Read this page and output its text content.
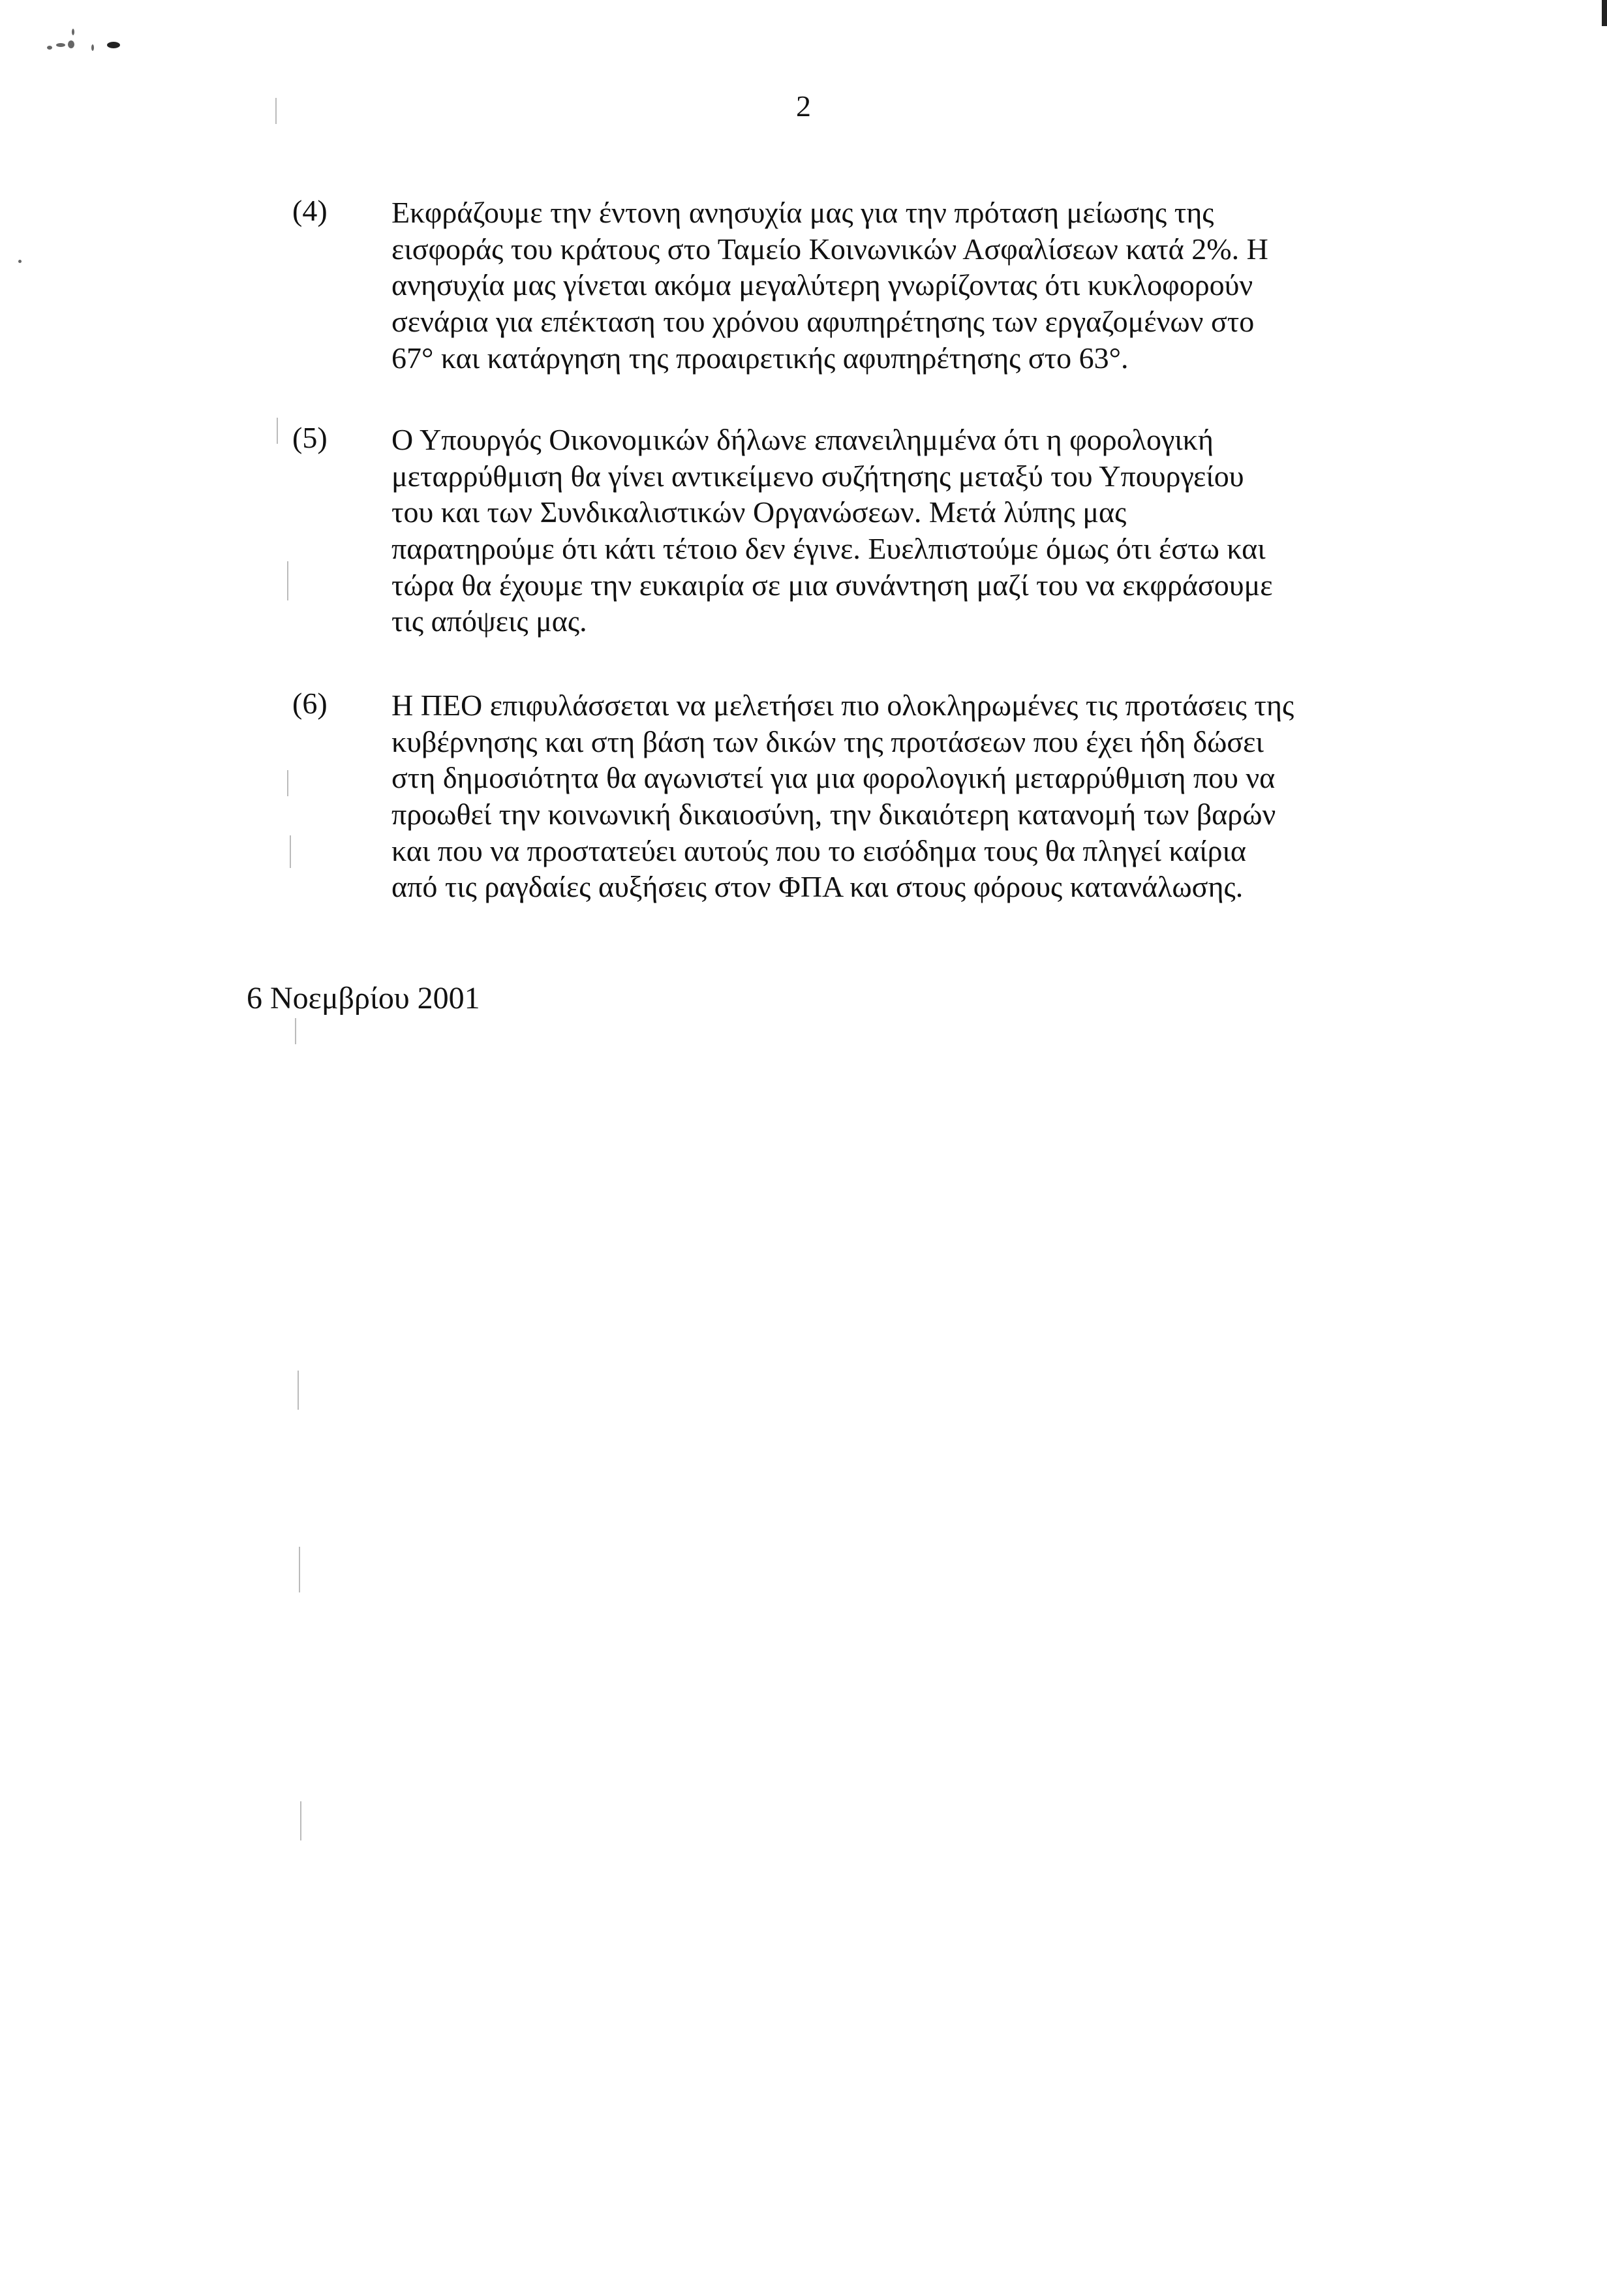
2
(4) Εκφράζουμε την έντονη ανησυχία μας για την πρόταση μείωσης της
εισφοράς του κράτους στο Ταμείο Κοινωνικών Ασφαλίσεων κατά 2%. Η
ανησυχία μας γίνεται ακόμα μεγαλύτερη γνωρίζοντας ότι κυκλοφορούν
σενάρια για επέκταση του χρόνου αφυπηρέτησης των εργαζομένων στο
67° και κατάργηση της προαιρετικής αφυπηρέτησης στο 63°.
(5) Ο Υπουργός Οικονομικών δήλωνε επανειλημμένα ότι η φορολογική
μεταρρύθμιση θα γίνει αντικείμενο συζήτησης μεταξύ του Υπουργείου
του και των Συνδικαλιστικών Οργανώσεων. Μετά λύπης μας
παρατηρούμε ότι κάτι τέτοιο δεν έγινε. Ευελπιστούμε όμως ότι έστω και
τώρα θα έχουμε την ευκαιρία σε μια συνάντηση μαζί του να εκφράσουμε
τις απόψεις μας.
(6) Η ΠΕΟ επιφυλάσσεται να μελετήσει πιο ολοκληρωμένες τις προτάσεις της
κυβέρνησης και στη βάση των δικών της προτάσεων που έχει ήδη δώσει
στη δημοσιότητα θα αγωνιστεί για μια φορολογική μεταρρύθμιση που να
προωθεί την κοινωνική δικαιοσύνη, την δικαιότερη κατανομή των βαρών
και που να προστατεύει αυτούς που το εισόδημα τους θα πληγεί καίρια
από τις ραγδαίες αυξήσεις στον ΦΠΑ και στους φόρους κατανάλωσης.
6 Νοεμβρίου 2001
